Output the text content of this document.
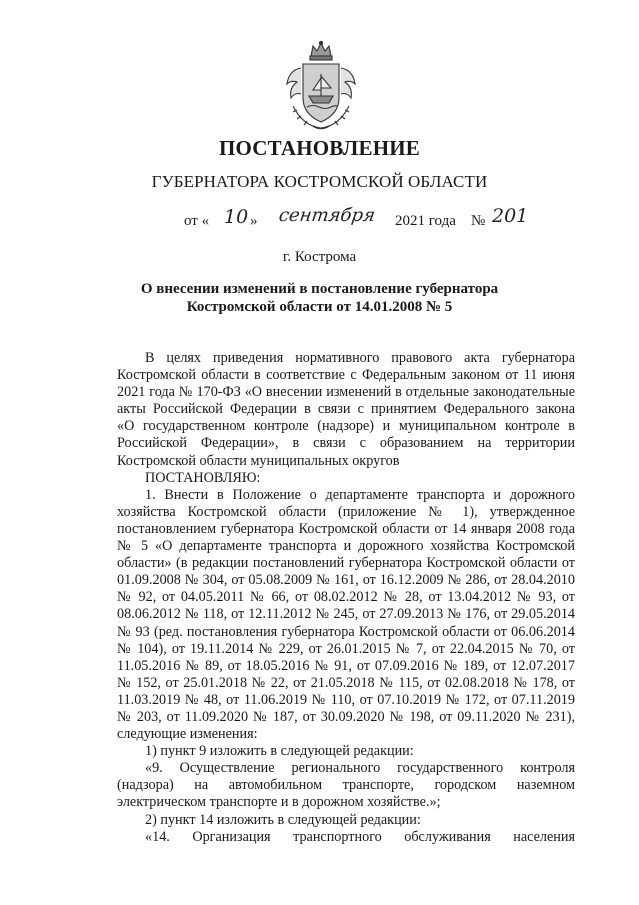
ПОСТАНОВЛЕНИЕ
ГУБЕРНАТОРА КОСТРОМСКОЙ ОБЛАСТИ
от « 10 » сентября 2021 года № 201
г. Кострома
О внесении изменений в постановление губернатора
Костромской области от 14.01.2008 № 5

В целях приведения нормативного правового акта губернатора

Костромской области в соответствие с Федеральным законом от 11 июня

2021 года № 170-ФЗ «О внесении изменений в отдельные законодательные

акты Российской Федерации в связи с принятием Федерального закона

«О государственном контроле (надзоре) и муниципальном контроле в

Российской Федерации», в связи с образованием на территории

Костромской области муниципальных округов

ПОСТАНОВЛЯЮ:

1. Внести в Положение о департаменте транспорта и дорожного

хозяйства Костромской области (приложение № 1), утвержденное

постановлением губернатора Костромской области от 14 января 2008 года

№ 5 «О департаменте транспорта и дорожного хозяйства Костромской

области» (в редакции постановлений губернатора Костромской области от

01.09.2008 № 304, от 05.08.2009 № 161, от 16.12.2009 № 286, от 28.04.2010

№ 92, от 04.05.2011 № 66, от 08.02.2012 № 28, от 13.04.2012 № 93, от

08.06.2012 № 118, от 12.11.2012 № 245, от 27.09.2013 № 176, от 29.05.2014

№ 93 (ред. постановления губернатора Костромской области от 06.06.2014

№ 104), от 19.11.2014 № 229, от 26.01.2015 № 7, от 22.04.2015 № 70, от

11.05.2016 № 89, от 18.05.2016 № 91, от 07.09.2016 № 189, от 12.07.2017

№ 152, от 25.01.2018 № 22, от 21.05.2018 № 115, от 02.08.2018 № 178, от

11.03.2019 № 48, от 11.06.2019 № 110, от 07.10.2019 № 172, от 07.11.2019

№ 203, от 11.09.2020 № 187, от 30.09.2020 № 198, от 09.11.2020 № 231),

следующие изменения:

1) пункт 9 изложить в следующей редакции:

«9. Осуществление регионального государственного контроля

(надзора) на автомобильном транспорте, городском наземном

электрическом транспорте и в дорожном хозяйстве.»;

2) пункт 14 изложить в следующей редакции:

«14. Организация транспортного обслуживания населения
